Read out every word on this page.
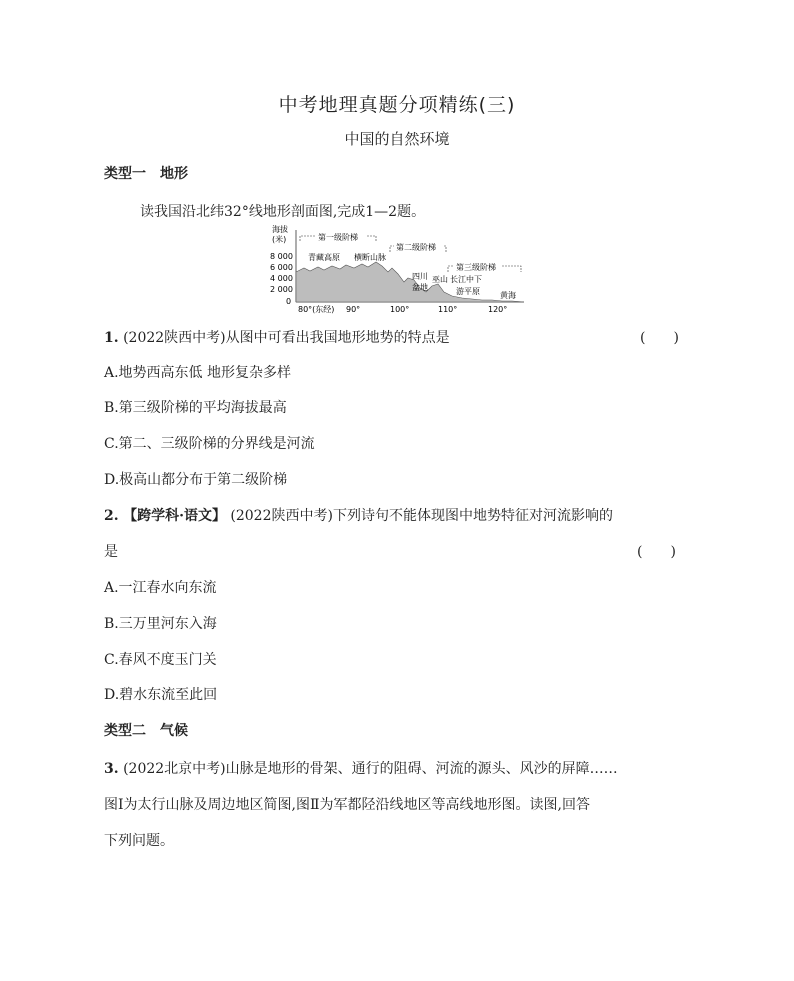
中考地理真题分项精练(三)
中国的自然环境
类型一　地形
读我国沿北纬32°线地形剖面图,完成1—2题。
海拔
(米)
8 000
6 000
4 000
2 000
0
第一级阶梯
第二级阶梯
第三级阶梯
青藏高原 横断山脉
四川
盆地
巫山 长江中下
游平原	黄海
80°(东经) 90°	100°	110°	120°
1. (2022陕西中考)从图中可看出我国地形地势的特点是	(　　)
A.地势西高东低 地形复杂多样
B.第三级阶梯的平均海拔最高
C.第二、三级阶梯的分界线是河流
D.极高山都分布于第二级阶梯
2. 【跨学科·语文】 (2022陕西中考)下列诗句不能体现图中地势特征对河流影响的
是	(　　)
A.一江春水向东流
B.三万里河东入海
C.春风不度玉门关
D.碧水东流至此回
类型二　气候
3. (2022北京中考)山脉是地形的骨架、通行的阻碍、河流的源头、风沙的屏障……
图Ⅰ为太行山脉及周边地区简图,图Ⅱ为军都陉沿线地区等高线地形图。读图,回答
下列问题。
